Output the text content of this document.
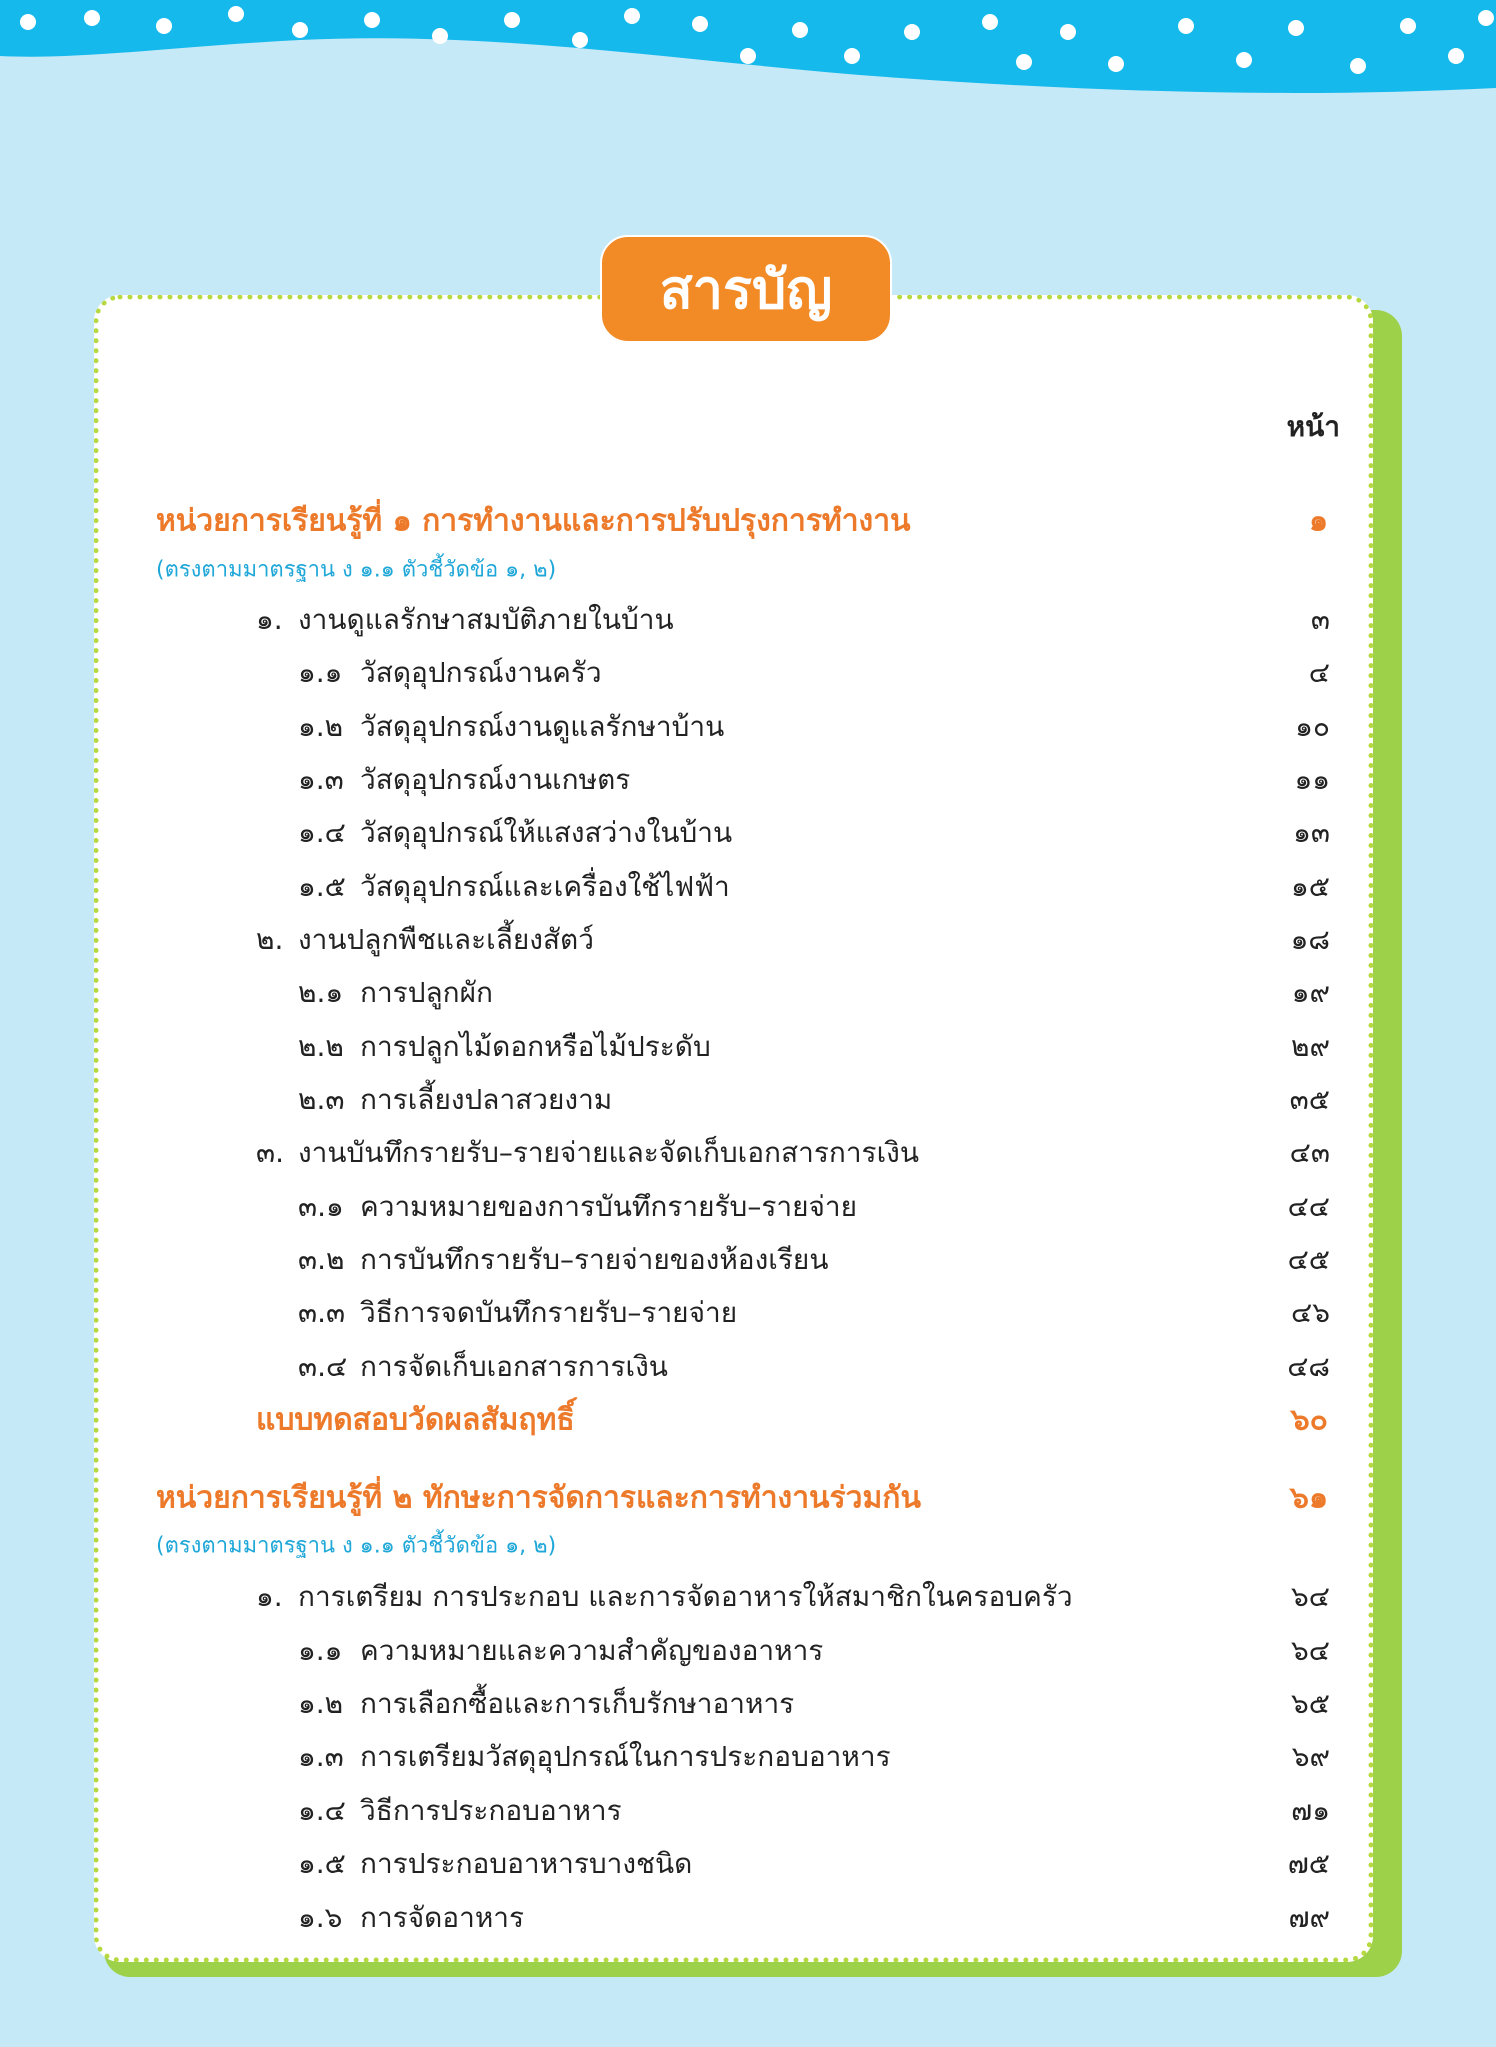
สารบัญ
หน้า
หน่วยการเรียนรู้ที่ ๑ การทำงานและการปรับปรุงการทำงาน	๑
(ตรงตามมาตรฐาน ง ๑.๑ ตัวชี้วัดข้อ ๑, ๒)
๑. งานดูแลรักษาสมบัติภายในบ้าน	๓
๑.๑ วัสดุอุปกรณ์งานครัว	๔
๑.๒ วัสดุอุปกรณ์งานดูแลรักษาบ้าน	๑๐
๑.๓ วัสดุอุปกรณ์งานเกษตร	๑๑
๑.๔ วัสดุอุปกรณ์ให้แสงสว่างในบ้าน	๑๓
๑.๕ วัสดุอุปกรณ์และเครื่องใช้ไฟฟ้า	๑๕
๒. งานปลูกพืชและเลี้ยงสัตว์	๑๘
๒.๑ การปลูกผัก	๑๙
๒.๒ การปลูกไม้ดอกหรือไม้ประดับ	๒๙
๒.๓ การเลี้ยงปลาสวยงาม	๓๕
๓. งานบันทึกรายรับ–รายจ่ายและจัดเก็บเอกสารการเงิน	๔๓
๓.๑ ความหมายของการบันทึกรายรับ–รายจ่าย	๔๔
๓.๒ การบันทึกรายรับ–รายจ่ายของห้องเรียน	๔๕
๓.๓ วิธีการจดบันทึกรายรับ–รายจ่าย	๔๖
๓.๔ การจัดเก็บเอกสารการเงิน	๔๘
แบบทดสอบวัดผลสัมฤทธิ์	๖๐
หน่วยการเรียนรู้ที่ ๒ ทักษะการจัดการและการทำงานร่วมกัน	๖๑
(ตรงตามมาตรฐาน ง ๑.๑ ตัวชี้วัดข้อ ๑, ๒)
๑. การเตรียม การประกอบ และการจัดอาหารให้สมาชิกในครอบครัว	๖๔
๑.๑ ความหมายและความสำคัญของอาหาร	๖๔
๑.๒ การเลือกซื้อและการเก็บรักษาอาหาร	๖๕
๑.๓ การเตรียมวัสดุอุปกรณ์ในการประกอบอาหาร	๖๙
๑.๔ วิธีการประกอบอาหาร	๗๑
๑.๕ การประกอบอาหารบางชนิด	๗๕
๑.๖ การจัดอาหาร	๗๙
